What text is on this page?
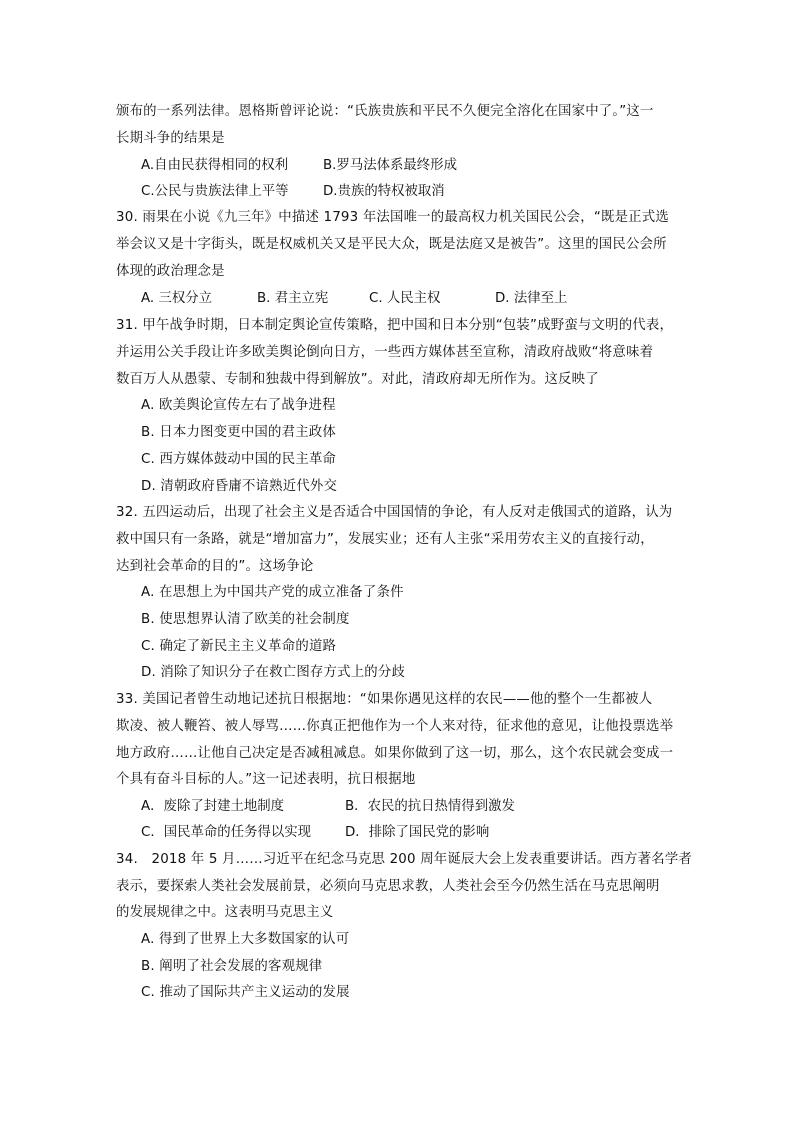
颁布的一系列法律。恩格斯曾评论说：“氏族贵族和平民不久便完全溶化在国家中了。”这一
长期斗争的结果是
A.自由民获得相同的权利	B.罗马法体系最终形成
C.公民与贵族法律上平等	D.贵族的特权被取消
30. 雨果在小说《九三年》中描述 1793 年法国唯一的最高权力机关国民公会，“既是正式选
举会议又是十字街头，既是权威机关又是平民大众，既是法庭又是被告”。这里的国民公会所
体现的政治理念是
A. 三权分立	B. 君主立宪	C. 人民主权	D. 法律至上
31. 甲午战争时期，日本制定舆论宣传策略，把中国和日本分别“包装”成野蛮与文明的代表，
并运用公关手段让许多欧美舆论倒向日方，一些西方媒体甚至宣称，清政府战败“将意味着
数百万人从愚蒙、专制和独裁中得到解放”。对此，清政府却无所作为。这反映了
A. 欧美舆论宣传左右了战争进程
B. 日本力图变更中国的君主政体
C. 西方媒体鼓动中国的民主革命
D. 清朝政府昏庸不谙熟近代外交
32. 五四运动后，出现了社会主义是否适合中国国情的争论，有人反对走俄国式的道路，认为
救中国只有一条路，就是“增加富力”，发展实业；还有人主张“采用劳农主义的直接行动，
达到社会革命的目的”。这场争论
A. 在思想上为中国共产党的成立准备了条件
B. 使思想界认清了欧美的社会制度
C. 确定了新民主主义革命的道路
D. 消除了知识分子在救亡图存方式上的分歧
33. 美国记者曾生动地记述抗日根据地：“如果你遇见这样的农民——他的整个一生都被人
欺凌、被人鞭笞、被人辱骂……你真正把他作为一个人来对待，征求他的意见，让他投票选举
地方政府……让他自己决定是否减租减息。如果你做到了这一切，那么，这个农民就会变成一
个具有奋斗目标的人。”这一记述表明，抗日根据地
A．废除了封建土地制度	B．农民的抗日热情得到激发
C．国民革命的任务得以实现	D．排除了国民党的影响
34.　2018 年 5 月……习近平在纪念马克思 200 周年诞辰大会上发表重要讲话。西方著名学者
表示，要探索人类社会发展前景，必须向马克思求教，人类社会至今仍然生活在马克思阐明
的发展规律之中。这表明马克思主义
A. 得到了世界上大多数国家的认可
B. 阐明了社会发展的客观规律
C. 推动了国际共产主义运动的发展
